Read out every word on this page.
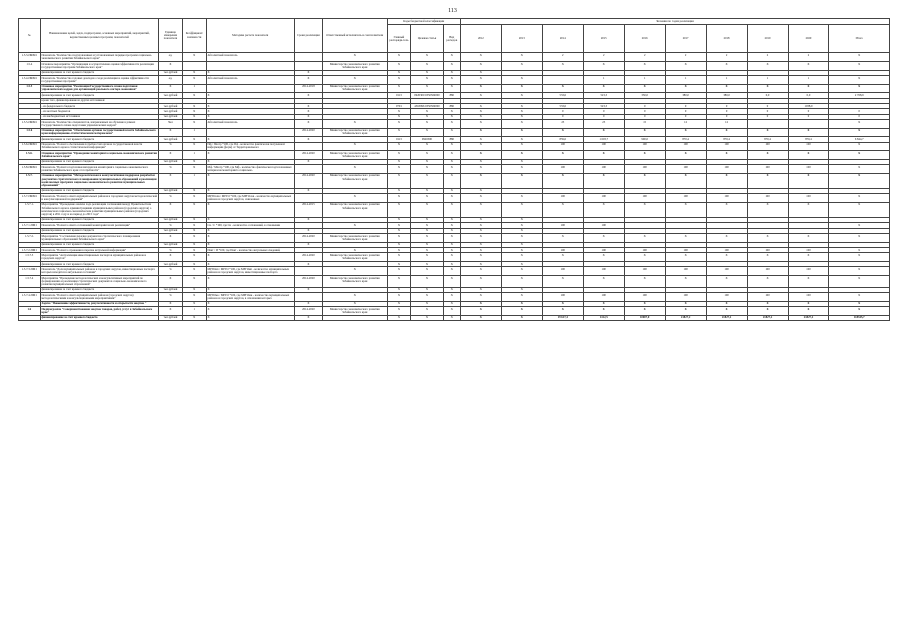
113
№	Наименование целей, задач, подпрограмм, основных мероприятий, мероприятий, ведомственных целевых программ, показателей	Единица измерения показателя	Коэффициент значимости	Методика расчета показателя	Сроки реализации	Ответственный исполнитель и соисполнители	Коды бюджетной классификации			Значения по годам реализации									
							Главный распоряди-тель	Целевая статья	Вид расходов	2012	2013	2014	2015	2016	2017	2018	2019	2020	Итого
1.5.3-ПФМ1	Показатель "Количество подготовленных и установленных порядке программ социально-экономического развития Забайкальского края"	ед.	X	Абсолютный показатель		X	X	X	X	X	X	2	2	2	2	2	2	2	X
1.5.4	Основное мероприятие "Организация и осуществление оценки эффективности реализации государственных программ Забайкальского края"	X				Министерство экономического развития Забайкальского края	X	X	X	X	X	X	X	X	X	X	X	X	X
	финансирование за счет краевого бюджета	тыс.рублей	X	X	X		X	X	X	X									
1.5.4-ПФМ1	Показатель "Количество годовых докладов о ходе реализации и оценке эффективности государственных программ"	ед.	X	Абсолютный показатель	X	X	X	X	X	X	X		1	1	1	1	1	1	X
1.5.5	Основное мероприятие "Реализация Государственного плана подготовки управленческих кадров для организаций реального сектора экономики"	X	1		2014-2018	Министерство экономического развития Забайкальского края	X	X	X	X	X	X	X	X	X	X	X	X	X
	финансирование за счет краевого бюджета	тыс.рублей	X	X	X		0113	0920300 0350569000	880	X	X	533,6	523,3	350,0	380,0	380,0	0,0	0,0	2 768,9
	кроме того, финансирование из других источников:																		
	- из федерального бюджета	тыс.рублей	X	X	X		0701	4363996 0350569000	880	X	X	533,6	523,3	0	0	0	0	1038,9	
	- из местных бюджетов	тыс.рублей	X	X	X		X	X	X	X	X	0	0	0	0	0	0	0	0
	- из внебюджетных источников	тыс.рублей	X	X	X		X	X	X	X	X	0	0	0	0	0	0	0	0
1.5.5-ПФМ1	Показатель "Количество специалистов, направленных на обучение в рамках Государственного плана подготовки управленческих кадров"	Чел	X	Абсолютный показатель	X	X	X	X	X	X	X	25	25	15	12	12			X
1.5.6	Основное мероприятие "Обеспечение органов государственной власти Забайкальского края информационно-статистическими материалами"	X	1		2014-2020	Министерство экономического развития Забайкальского края	X	X	X	X	X	X	X	X	X	X	X	X	X
	финансирование за счет краевого бюджета	тыс.рублей	X	X	X		0113	0920300	880	X	X	859,6	1 603,7	900,0	870,4	870,4	870,4	870,4	6 844,7
1.5.6-ПФМ1	Показатель "Полнота обеспечения потребностей органов государственной власти Забайкальского края в статистической информации"	%	X	Пф / Ппотр *100, где Пф - количество фактически полученной информации (форм) от Территориального		X	X	X	X	X	X	100	100	100	100	100	100	100	X
1.5.6.	Основное мероприятие "Проведение мониторинга социально-экономического развития Забайкальского края"	X	1	X	2014-2020	Министерство экономического развития Забайкальского края	X	X	X	X	X	X	X	X	X	X	X	X	X
	финансирование за счет краевого бюджета	тыс.рублей	X	X	X		X	X	X	X	X								
1.5.8-ПФМ1	Показатель "Полнота подготовки материалов мониторинга социально-экономического развития Забайкальского края от потребности"	%	X	Мф / Мпотр *100, где Мф - количество фактически подготовленных материалов мониторинга социально-		X	X	X	X	X	X	100	100	100	100	100	100	100	X
1.5.7.	Основное мероприятие "Методологическая и консультативная поддержка разработки документов стратегического планирования муниципальных образований и реализации комплексных программ социально-экономического развития муниципальных образований"	X	1	X	2014-2020	Министерство экономического развития Забайкальского края	X	X	X	X	X	X	X	X	X	X	X	X	X
	финансирование за счет краевого бюджета	тыс.рублей	X	X	X		X	X	X	X									
1.5.7-ПФМ1	Показатель "Полнота охвата муниципальных районов и городских округов методологической и консультационной поддержкой"	%	X	МРГОохв / МРГО *100, где МРГОохв - количество муниципальных районов и городских округов, охваченных		X	X	X	X	X	X	100	100	100	100	100	100	100	X
1.5.7.1.	Мероприятие "Проведение анализа хода реализации соглашений между Правительством Забайкальского края и администрациями муниципальных районов (городских округов) о комплексном социально-экономическом развитии муниципальных районов (городских округов) в 2011 году и на период до 2015 года"	X	X	X	2014-2015	Министерство экономического развития Забайкальского края	X	X	X	X	X	X	X	X	X	X	X	X	X
	финансирование за счет краевого бюджета	тыс.рублей	X	X	X		X	X	X	X	X								
1.5.7.1-ПМ1	Показатель "Полнота охвата соглашений мониторингом их реализации"	%	X	Сн / С *100, где Сн - количество соглашений, в отношении		X	X	X	X	X	X	100	100						X
	финансирование за счет краевого бюджета	тыс.рублей	X	X	X		X	X	X	X	X								
1.5.7.2.	Мероприятие "Составление перечня документов стратегического планирования муниципальных образований Забайкальского края"	X	X	X	2014-2020	Министерство экономического развития Забайкальского края	X	X	X	X	X	X	X	X	X	X	X	X	X
	финансирование за счет краевого бюджета	тыс.рублей	X	X	X		X	X	X	X	X								
1.5.7.2-ПМ1	Показатель "Полнота отражения в перечне актуальной информации"	%	X	Иакт / И *100, где Иакт - количество актуальных сведений,		X	X	X	X	X	X	100	100	100	100	100	100	100	X
1.5.7.3	Мероприятие "Актуализация инвестиционных паспортов муниципальных районов и городских округов"	X	X	X	2014-2020	Министерство экономического развития Забайкальского края	X	X	X	X	X	X	X	X	X	X	X	X	X
	финансирование за счет краевого бюджета	тыс.рублей	X	X	X		X	X	X	X	X								
1.5.7.3-ПМ1	Показатель "Доля муниципальных районов и городских округов, инвестиционные паспорта которых находятся в актуальном состоянии"	%	X	МРГОип / МРГО *100, где МРГОип - количество муниципальных районов и городских округов, инвестиционные паспорта		X	X	X	X	X	X	100	100	100	100	100	100	100	X
1.5.7.4	Мероприятие "Проведение методологических и консультативных мероприятий по формированию и реализации стратегических документов социально-экономического развития муниципальных образований"	X	X	X	2014-2020	Министерство экономического развития Забайкальского края	X	X	X	X	X	X	X	X	X	X	X	X	X
	финансирование за счет краевого бюджета	тыс.рублей	X	X	X		X	X	X	X	X								
1.5.7.4-ПМ1	Показатель "Полнота охвата муниципальных районов (городских округов) методологическими и консультационными мероприятиями"	%	X	МРГОмк / МРГО *100, где МРГОмк - количество муниципальных районов и городских округов, в отношении которых		X	X	X	X	X	X	100	100	100	100	100	100	100	X
	Задача "Повышение эффективности, результативности и открытости закупок "	X	X	X	X	X	X	X	X	X	X	X	X	X	X	X	X	X	X
1.6	Подпрограмма "Совершенствование закупок товаров, работ, услуг в Забайкальском крае"	X	1	X	2014-2020	Министерство экономического развития Забайкальского края	X	X	X	X	X	X	X	X	X	X	X	X	X
	финансирование за счет краевого бюджета	тыс.рублей	X	X	X		X	X	X	X	X	19 617,4	1412,5	10007,0	21827,2	21827,2	21827,2	21827,2	118345,7
